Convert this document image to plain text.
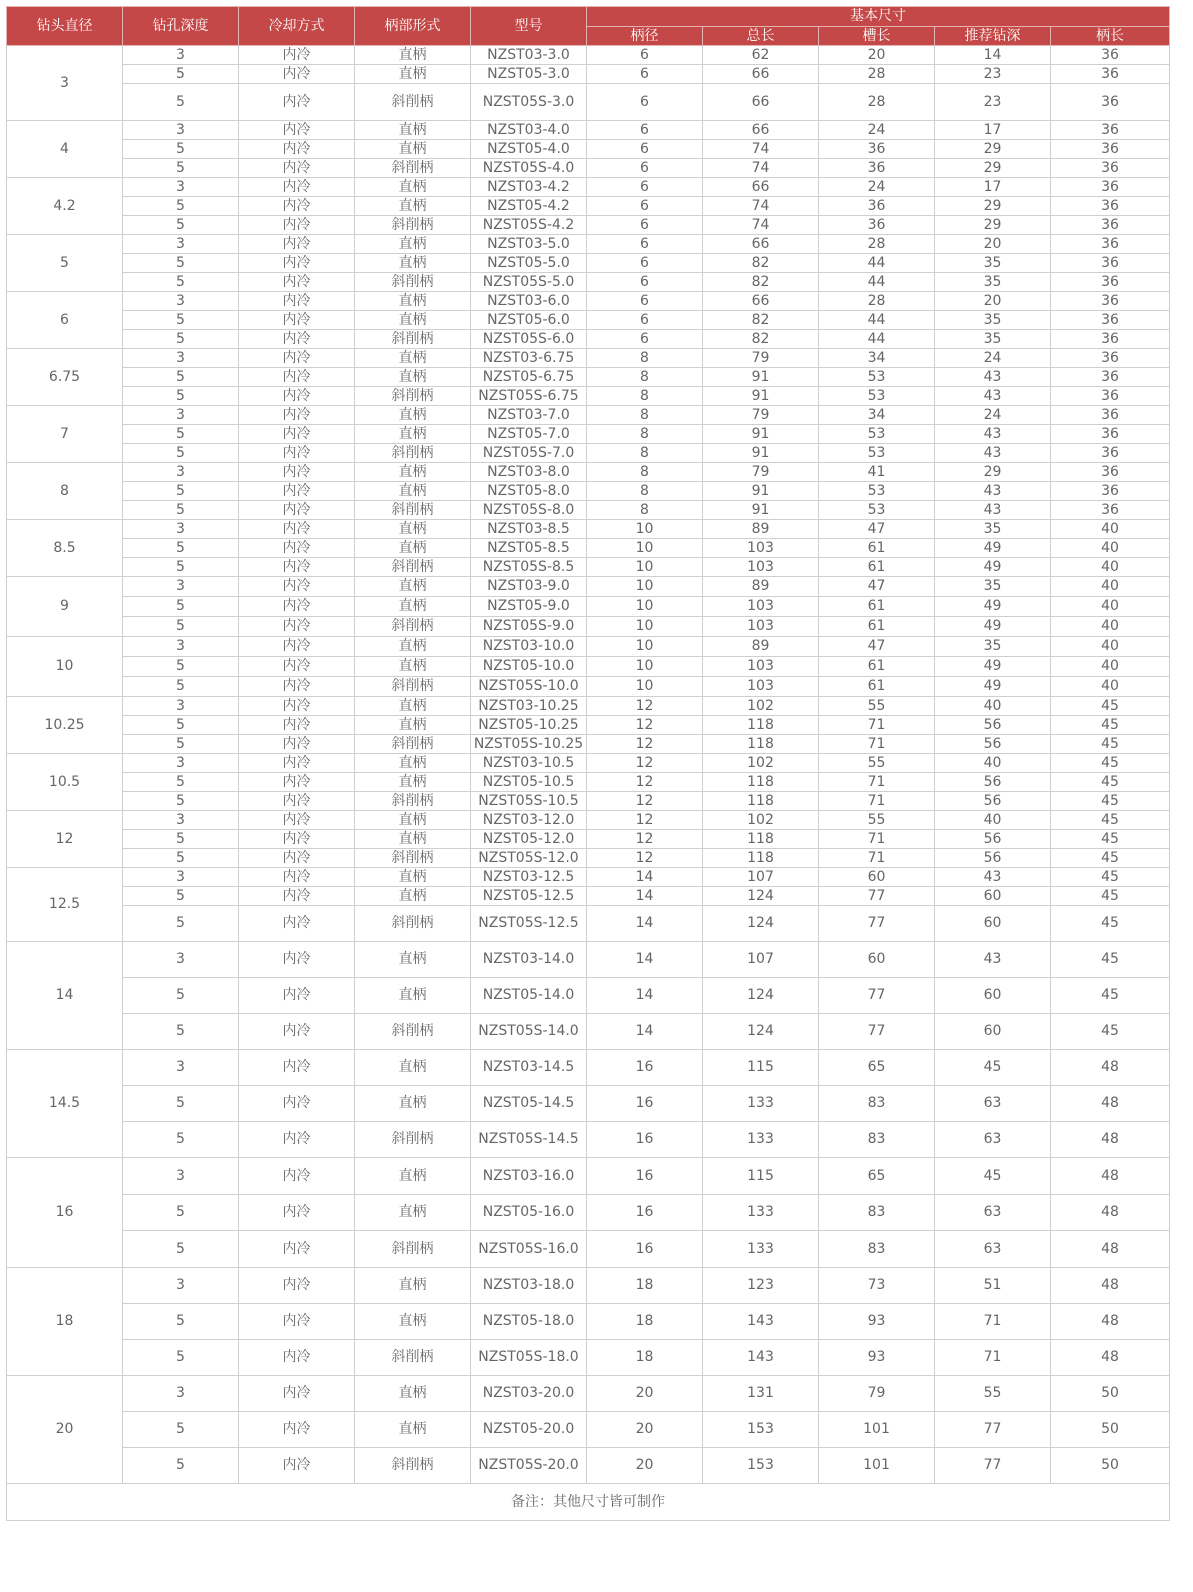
钻头直径	钻孔深度	冷却方式	柄部形式	型号	基本尺寸				
					柄径	总长	槽长	推荐钻深	柄长
3	3	内冷	直柄	NZST03-3.0	6	62	20	14	36
	5	内冷	直柄	NZST05-3.0	6	66	28	23	36
	5	内冷	斜削柄	NZST05S-3.0	6	66	28	23	36
4	3	内冷	直柄	NZST03-4.0	6	66	24	17	36
	5	内冷	直柄	NZST05-4.0	6	74	36	29	36
	5	内冷	斜削柄	NZST05S-4.0	6	74	36	29	36
4.2	3	内冷	直柄	NZST03-4.2	6	66	24	17	36
	5	内冷	直柄	NZST05-4.2	6	74	36	29	36
	5	内冷	斜削柄	NZST05S-4.2	6	74	36	29	36
5	3	内冷	直柄	NZST03-5.0	6	66	28	20	36
	5	内冷	直柄	NZST05-5.0	6	82	44	35	36
	5	内冷	斜削柄	NZST05S-5.0	6	82	44	35	36
6	3	内冷	直柄	NZST03-6.0	6	66	28	20	36
	5	内冷	直柄	NZST05-6.0	6	82	44	35	36
	5	内冷	斜削柄	NZST05S-6.0	6	82	44	35	36
6.75	3	内冷	直柄	NZST03-6.75	8	79	34	24	36
	5	内冷	直柄	NZST05-6.75	8	91	53	43	36
	5	内冷	斜削柄	NZST05S-6.75	8	91	53	43	36
7	3	内冷	直柄	NZST03-7.0	8	79	34	24	36
	5	内冷	直柄	NZST05-7.0	8	91	53	43	36
	5	内冷	斜削柄	NZST05S-7.0	8	91	53	43	36
8	3	内冷	直柄	NZST03-8.0	8	79	41	29	36
	5	内冷	直柄	NZST05-8.0	8	91	53	43	36
	5	内冷	斜削柄	NZST05S-8.0	8	91	53	43	36
8.5	3	内冷	直柄	NZST03-8.5	10	89	47	35	40
	5	内冷	直柄	NZST05-8.5	10	103	61	49	40
	5	内冷	斜削柄	NZST05S-8.5	10	103	61	49	40
9	3	内冷	直柄	NZST03-9.0	10	89	47	35	40
	5	内冷	直柄	NZST05-9.0	10	103	61	49	40
	5	内冷	斜削柄	NZST05S-9.0	10	103	61	49	40
10	3	内冷	直柄	NZST03-10.0	10	89	47	35	40
	5	内冷	直柄	NZST05-10.0	10	103	61	49	40
	5	内冷	斜削柄	NZST05S-10.0	10	103	61	49	40
10.25	3	内冷	直柄	NZST03-10.25	12	102	55	40	45
	5	内冷	直柄	NZST05-10.25	12	118	71	56	45
	5	内冷	斜削柄	NZST05S-10.25	12	118	71	56	45
10.5	3	内冷	直柄	NZST03-10.5	12	102	55	40	45
	5	内冷	直柄	NZST05-10.5	12	118	71	56	45
	5	内冷	斜削柄	NZST05S-10.5	12	118	71	56	45
12	3	内冷	直柄	NZST03-12.0	12	102	55	40	45
	5	内冷	直柄	NZST05-12.0	12	118	71	56	45
	5	内冷	斜削柄	NZST05S-12.0	12	118	71	56	45
12.5	3	内冷	直柄	NZST03-12.5	14	107	60	43	45
	5	内冷	直柄	NZST05-12.5	14	124	77	60	45
	5	内冷	斜削柄	NZST05S-12.5	14	124	77	60	45
14	3	内冷	直柄	NZST03-14.0	14	107	60	43	45
	5	内冷	直柄	NZST05-14.0	14	124	77	60	45
	5	内冷	斜削柄	NZST05S-14.0	14	124	77	60	45
14.5	3	内冷	直柄	NZST03-14.5	16	115	65	45	48
	5	内冷	直柄	NZST05-14.5	16	133	83	63	48
	5	内冷	斜削柄	NZST05S-14.5	16	133	83	63	48
16	3	内冷	直柄	NZST03-16.0	16	115	65	45	48
	5	内冷	直柄	NZST05-16.0	16	133	83	63	48
	5	内冷	斜削柄	NZST05S-16.0	16	133	83	63	48
18	3	内冷	直柄	NZST03-18.0	18	123	73	51	48
	5	内冷	直柄	NZST05-18.0	18	143	93	71	48
	5	内冷	斜削柄	NZST05S-18.0	18	143	93	71	48
20	3	内冷	直柄	NZST03-20.0	20	131	79	55	50
	5	内冷	直柄	NZST05-20.0	20	153	101	77	50
	5	内冷	斜削柄	NZST05S-20.0	20	153	101	77	50
备注：其他尺寸皆可制作									
